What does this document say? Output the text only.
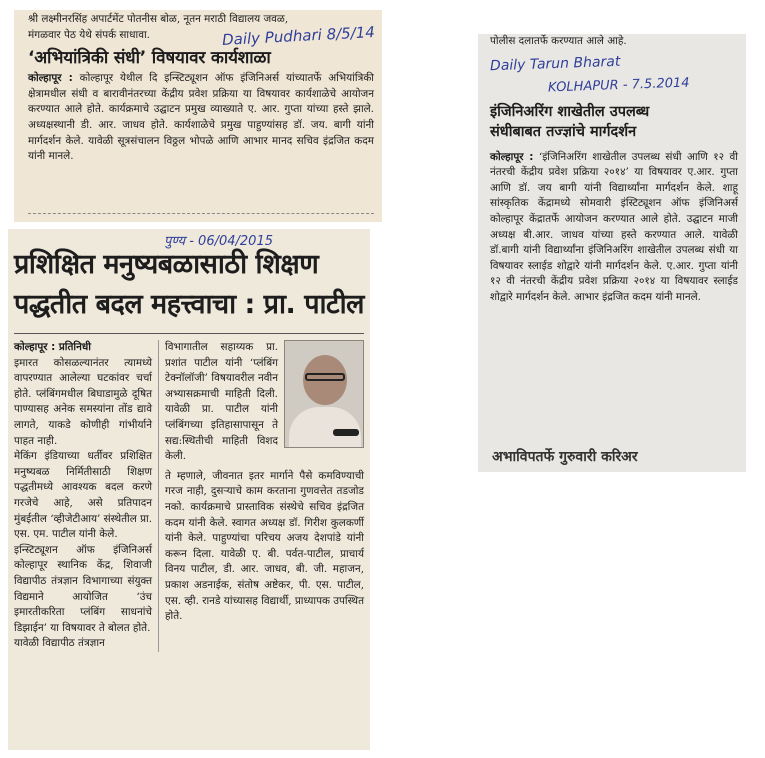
श्री लक्ष्मीनरसिंह अपार्टमेंट पोतनीस बोळ, नूतन मराठी विद्यालय जवळ,
मंगळवार पेठ येथे संपर्क साधावा.	Daily Pudhari 8/5/14
‘अभियांत्रिकी संधी’ विषयावर कार्यशाळा

कोल्हापूर : कोल्हापूर येथील दि इन्स्टिट्यूशन ऑफ इंजिनिअर्स यांच्यातर्फे अभियांत्रिकी क्षेत्रामधील संधी व बारावीनंतरच्या केंद्रीय प्रवेश प्रक्रिया या विषयावर कार्यशाळेचे आयोजन करण्यात आले होते. कार्यक्रमाचे उद्घाटन प्रमुख व्याख्याते ए. आर. गुप्ता यांच्या हस्ते झाले. अध्यक्षस्थानी डी. आर. जाधव होते. कार्यशाळेचे प्रमुख पाहुण्यांसह डॉ. जय. बागी यांनी मार्गदर्शन केले. यावेळी सूत्रसंचालन विठ्ठल भोपळे आणि आभार मानद सचिव इंद्रजित कदम यांनी मानले.

पुण्य - 06/04/2015
प्रशिक्षित मनुष्यबळासाठी शिक्षण
पद्धतीत बदल महत्त्वाचा : प्रा. पाटील

कोल्हापूर : प्रतिनिधी

इमारत कोसळल्यानंतर त्यामध्ये वापरण्यात आलेल्या घटकांवर चर्चा होते. प्लंबिंगमधील बिघाडामुळे दूषित पाण्यासह अनेक समस्यांना तोंड द्यावे लागते, याकडे कोणीही गांभीर्याने पाहत नाही.

मेकिंग इंडियाच्या धर्तीवर प्रशिक्षित मनुष्यबळ निर्मितीसाठी शिक्षण पद्धतीमध्ये आवश्यक बदल करणे गरजेचे आहे, असे प्रतिपादन मुंबईतील ‘व्हीजेटीआय’ संस्थेतील प्रा. एस. एम. पाटील यांनी केले.

इन्स्टिट्यूशन ऑफ इंजिनिअर्स कोल्हापूर स्थानिक केंद्र, शिवाजी विद्यापीठ तंत्रज्ञान विभागाच्या संयुक्त विद्यमाने आयोजित ‘उंच इमारतीकरिता प्लंबिंग साधनांचे डिझाईन’ या विषयावर ते बोलत होते.

यावेळी विद्यापीठ तंत्रज्ञान

विभागातील सहाय्यक प्रा. प्रशांत पाटील यांनी ‘प्लंबिंग टेक्नॉलॉजी’ विषयावरील नवीन अभ्यासक्रमाची माहिती दिली. यावेळी प्रा. पाटील यांनी प्लंबिंगच्या इतिहासापासून ते सद्य:स्थितीची माहिती विशद केली.

ते म्हणाले, जीवनात इतर मार्गाने पैसे कमविण्याची गरज नाही, दुसऱ्याचे काम करताना गुणवत्तेत तडजोड नको. कार्यक्रमाचे प्रास्ताविक संस्थेचे सचिव इंद्रजित कदम यांनी केले. स्वागत अध्यक्ष डॉ. गिरीश कुलकर्णी यांनी केले. पाहुण्यांचा परिचय अजय देशपांडे यांनी करून दिला. यावेळी ए. बी. पर्वत-पाटील, प्राचार्य विनय पाटील, डी. आर. जाधव, बी. जी. महाजन, प्रकाश अडनाईक, संतोष अष्टेकर, पी. एस. पाटील, एस. व्ही. रानडे यांच्यासह विद्यार्थी, प्राध्यापक उपस्थित होते.

पोलीस दलातर्फे करण्यात आले आहे.
Daily Tarun Bharat
KOLHAPUR - 7.5.2014
इंजिनिअरिंग शाखेतील उपलब्ध
संधीबाबत तज्ज्ञांचे मार्गदर्शन

कोल्हापूर : ‘इंजिनिअरिंग शाखेतील उपलब्ध संधी आणि १२ वी नंतरची केंद्रीय प्रवेश प्रक्रिया २०१४’ या विषयावर ए.आर. गुप्ता आणि डॉ. जय बागी यांनी विद्यार्थ्यांना मार्गदर्शन केले. शाहू सांस्कृतिक केंद्रामध्ये सोमवारी इंस्टिट्यूशन ऑफ इंजिनिअर्स कोल्हापूर केंद्रातर्फे आयोजन करण्यात आले होते. उद्घाटन माजी अध्यक्ष बी.आर. जाधव यांच्या हस्ते करण्यात आले. यावेळी डॉ.बागी यांनी विद्यार्थ्यांना इंजिनिअरिंग शाखेतील उपलब्ध संधी या विषयावर स्लाईड शोद्वारे यांनी मार्गदर्शन केले. ए.आर. गुप्ता यांनी १२ वी नंतरची केंद्रीय प्रवेश प्रक्रिया २०१४ या विषयावर स्लाईड शोद्वारे मार्गदर्शन केले. आभार इंद्रजित कदम यांनी मानले.

अभाविपतर्फे गुरुवारी करिअर
